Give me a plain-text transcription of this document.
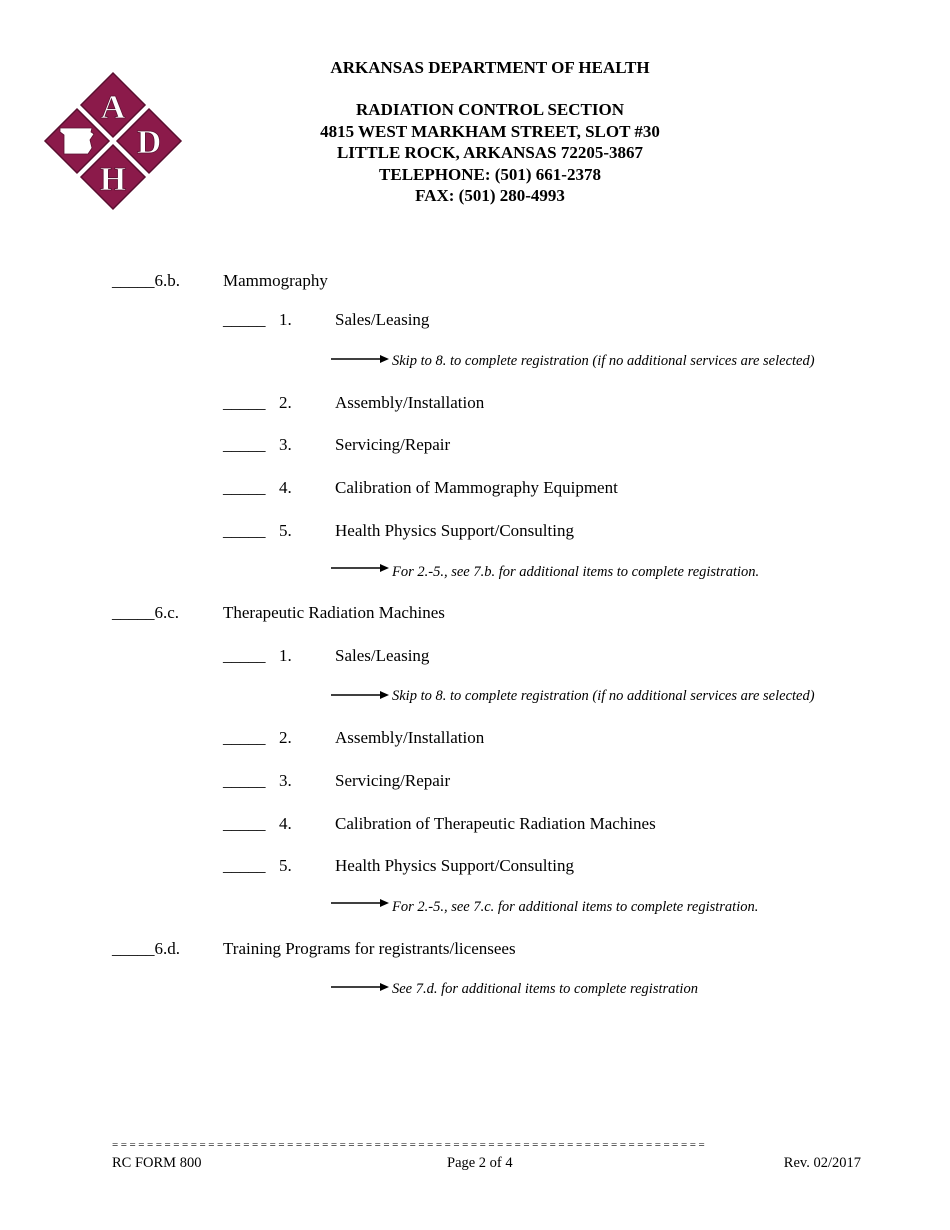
A
D
H
ARKANSAS DEPARTMENT OF HEALTH
RADIATION CONTROL SECTION
4815 WEST MARKHAM STREET, SLOT #30
LITTLE ROCK, ARKANSAS 72205-3867
TELEPHONE: (501) 661-2378
FAX: (501) 280-4993
_____6.b.	Mammography
_____ 1.	Sales/Leasing
Skip to 8. to complete registration (if no additional services are selected)
_____ 2.	Assembly/Installation
_____ 3.	Servicing/Repair
_____ 4.	Calibration of Mammography Equipment
_____ 5.	Health Physics Support/Consulting
For 2.-5., see 7.b. for additional items to complete registration.
_____6.c.	Therapeutic Radiation Machines
_____ 1.	Sales/Leasing
Skip to 8. to complete registration (if no additional services are selected)
_____ 2.	Assembly/Installation
_____ 3.	Servicing/Repair
_____ 4.	Calibration of Therapeutic Radiation Machines
_____ 5.	Health Physics Support/Consulting
For 2.-5., see 7.c. for additional items to complete registration.
_____6.d.	Training Programs for registrants/licensees
See 7.d. for additional items to complete registration
====================================================================
RC FORM 800	Page 2 of 4	Rev. 02/2017
